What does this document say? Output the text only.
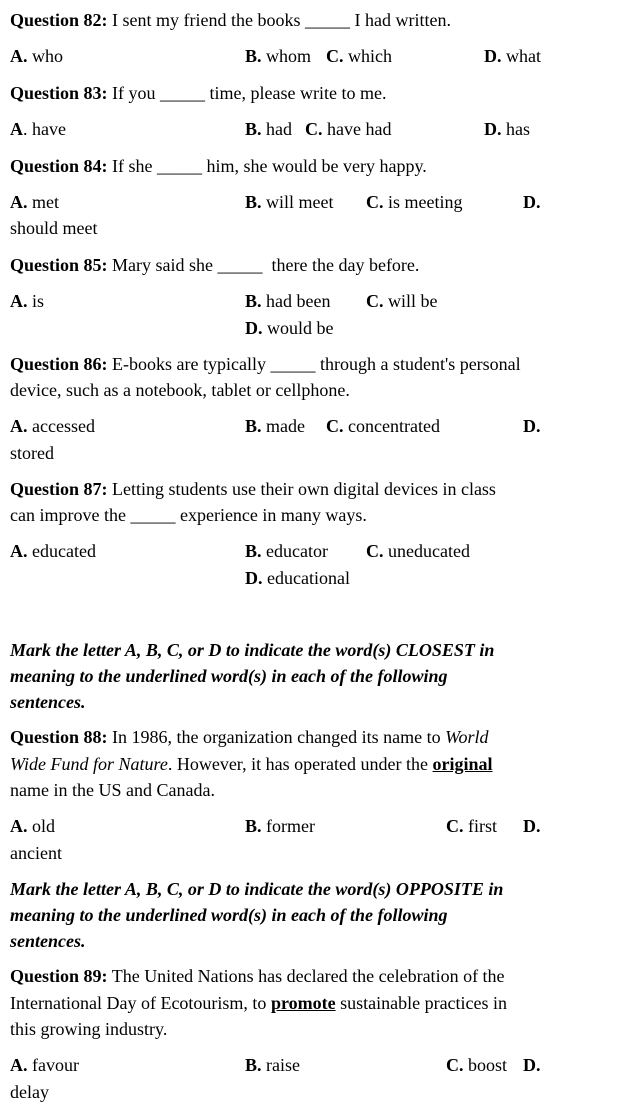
Question 82: I sent my friend the books _____ I had written.
A. who	B. whom C. which	D. what
Question 83: If you _____ time, please write to me.
A. have	B. had C. have had	D. has
Question 84: If she _____ him, she would be very happy.
A. met	B. will meet C. is meeting	D.
should meet
Question 85: Mary said she _____ there the day before.
A. is	B. had been C. will be
D. would be
Question 86: E-books are typically _____ through a student's personal
device, such as a notebook, tablet or cellphone.
A. accessed	B. made C. concentrated	D.
stored
Question 87: Letting students use their own digital devices in class
can improve the _____ experience in many ways.
A. educated	B. educator C. uneducated
D. educational
Mark the letter A, B, C, or D to indicate the word(s) CLOSEST in
meaning to the underlined word(s) in each of the following
sentences.
Question 88: In 1986, the organization changed its name to World
Wide Fund for Nature. However, it has operated under the original
name in the US and Canada.
A. old	B. former	C. first D.
ancient
Mark the letter A, B, C, or D to indicate the word(s) OPPOSITE in
meaning to the underlined word(s) in each of the following
sentences.
Question 89: The United Nations has declared the celebration of the
International Day of Ecotourism, to promote sustainable practices in
this growing industry.
A. favour	B. raise	C. boost D.
delay
